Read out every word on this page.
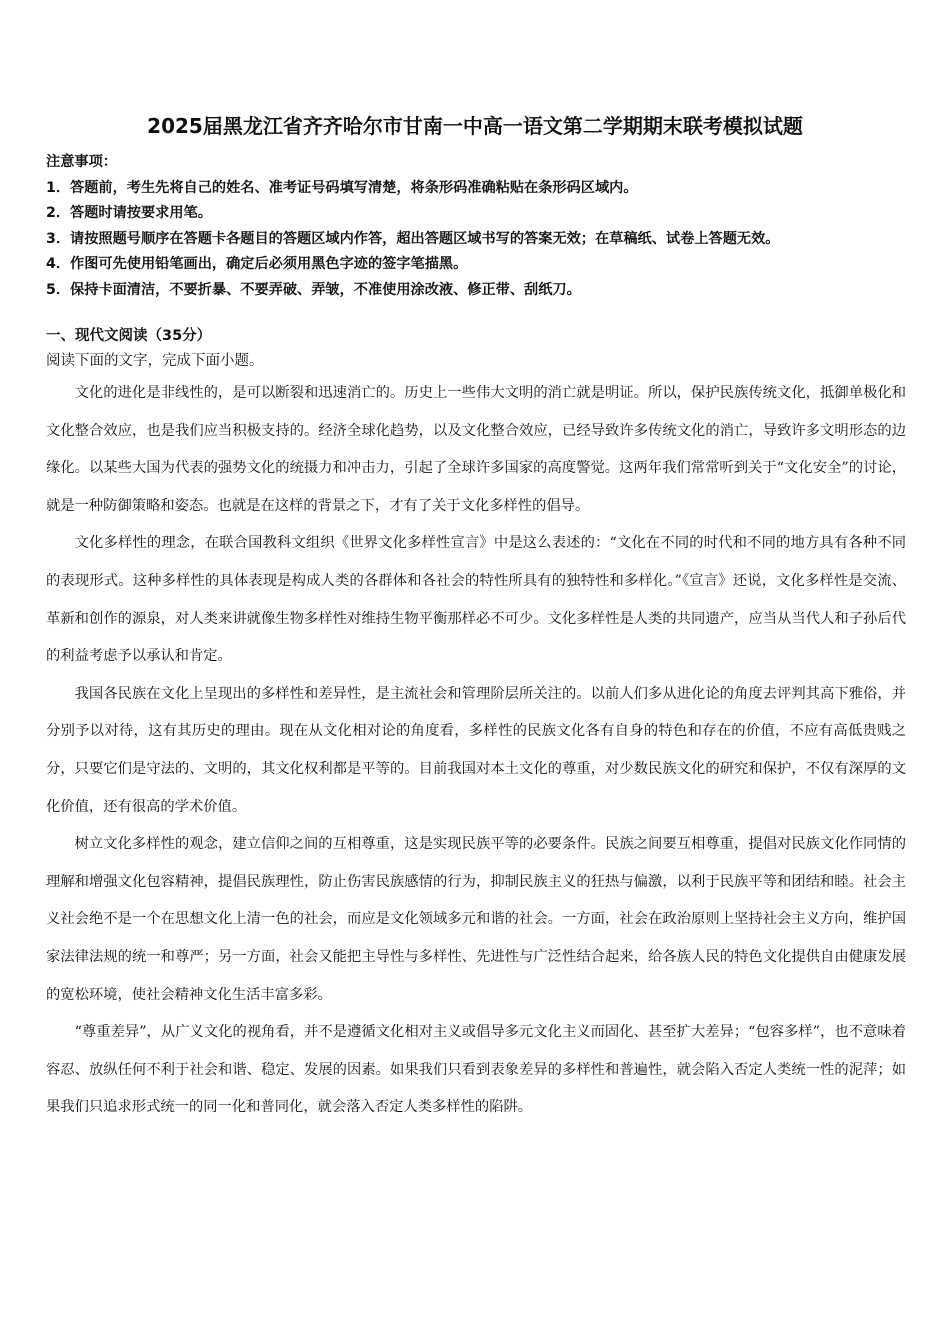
2025届黑龙江省齐齐哈尔市甘南一中高一语文第二学期期末联考模拟试题
注意事项：
1．答题前，考生先将自己的姓名、准考证号码填写清楚，将条形码准确粘贴在条形码区域内。
2．答题时请按要求用笔。
3．请按照题号顺序在答题卡各题目的答题区域内作答，超出答题区域书写的答案无效；在草稿纸、试卷上答题无效。
4．作图可先使用铅笔画出，确定后必须用黑色字迹的签字笔描黑。
5．保持卡面清洁，不要折暴、不要弄破、弄皱，不准使用涂改液、修正带、刮纸刀。
一、现代文阅读（35分）
阅读下面的文字，完成下面小题。

文化的进化是非线性的，是可以断裂和迅速消亡的。历史上一些伟大文明的消亡就是明证。所以，保护民族传统文化，抵御单极化和文化整合效应，也是我们应当积极支持的。经济全球化趋势，以及文化整合效应，已经导致许多传统文化的消亡，导致许多文明形态的边缘化。以某些大国为代表的强势文化的统摄力和冲击力，引起了全球许多国家的高度警觉。这两年我们常常听到关于“文化安全”的讨论，就是一种防御策略和姿态。也就是在这样的背景之下，才有了关于文化多样性的倡导。

文化多样性的理念，在联合国教科文组织《世界文化多样性宣言》中是这么表述的：“文化在不同的时代和不同的地方具有各种不同的表现形式。这种多样性的具体表现是构成人类的各群体和各社会的特性所具有的独特性和多样化。”《宣言》还说，文化多样性是交流、革新和创作的源泉，对人类来讲就像生物多样性对维持生物平衡那样必不可少。文化多样性是人类的共同遗产，应当从当代人和子孙后代的利益考虑予以承认和肯定。

我国各民族在文化上呈现出的多样性和差异性，是主流社会和管理阶层所关注的。以前人们多从进化论的角度去评判其高下雅俗，并分别予以对待，这有其历史的理由。现在从文化相对论的角度看，多样性的民族文化各有自身的特色和存在的价值，不应有高低贵贱之分，只要它们是守法的、文明的，其文化权利都是平等的。目前我国对本土文化的尊重，对少数民族文化的研究和保护，不仅有深厚的文化价值，还有很高的学术价值。

树立文化多样性的观念，建立信仰之间的互相尊重，这是实现民族平等的必要条件。民族之间要互相尊重，提倡对民族文化作同情的理解和增强文化包容精神，提倡民族理性，防止伤害民族感情的行为，抑制民族主义的狂热与偏激，以利于民族平等和团结和睦。社会主义社会绝不是一个在思想文化上清一色的社会，而应是文化领域多元和谐的社会。一方面，社会在政治原则上坚持社会主义方向，维护国家法律法规的统一和尊严；另一方面，社会又能把主导性与多样性、先进性与广泛性结合起来，给各族人民的特色文化提供自由健康发展的宽松环境，使社会精神文化生活丰富多彩。

“尊重差异”，从广义文化的视角看，并不是遵循文化相对主义或倡导多元文化主义而固化、甚至扩大差异；“包容多样”，也不意味着容忍、放纵任何不利于社会和谐、稳定、发展的因素。如果我们只看到表象差异的多样性和普遍性，就会陷入否定人类统一性的泥萍；如果我们只追求形式统一的同一化和普同化，就会落入否定人类多样性的陷阱。
